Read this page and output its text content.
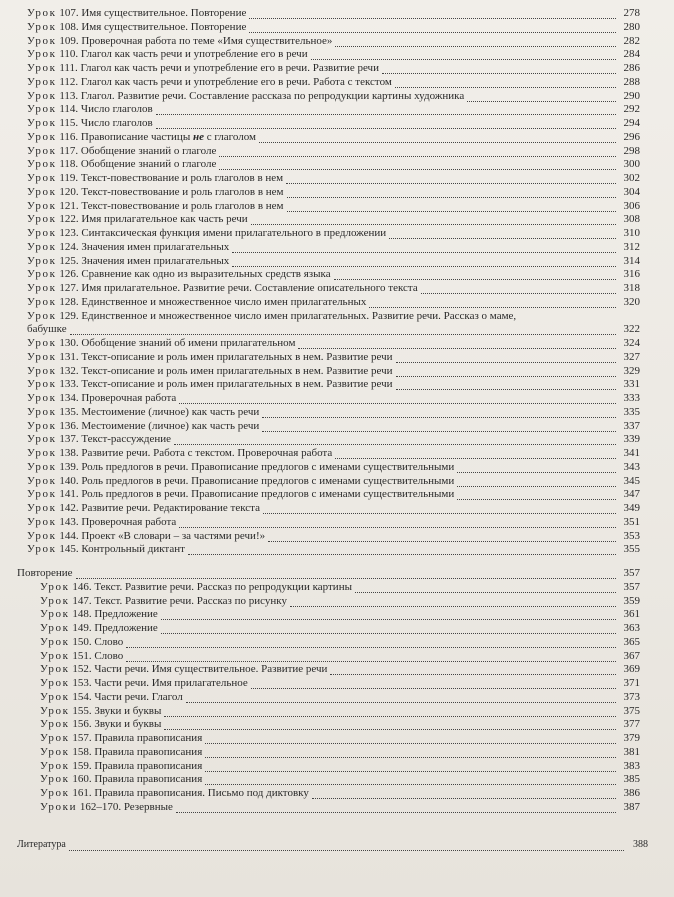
Урок 107. Имя существительное. Повторение	278
Урок 108. Имя существительное. Повторение	280
Урок 109. Проверочная работа по теме «Имя существительное»	282
Урок 110. Глагол как часть речи и употребление его в речи	284
Урок 111. Глагол как часть речи и употребление его в речи. Развитие речи	286
Урок 112. Глагол как часть речи и употребление его в речи. Работа с текстом	288
Урок 113. Глагол. Развитие речи. Составление рассказа по репродукции картины художника	290
Урок 114. Число глаголов	292
Урок 115. Число глаголов	294
Урок 116. Правописание частицы не с глаголом	296
Урок 117. Обобщение знаний о глаголе	298
Урок 118. Обобщение знаний о глаголе	300
Урок 119. Текст-повествование и роль глаголов в нем	302
Урок 120. Текст-повествование и роль глаголов в нем	304
Урок 121. Текст-повествование и роль глаголов в нем	306
Урок 122. Имя прилагательное как часть речи	308
Урок 123. Синтаксическая функция имени прилагательного в предложении	310
Урок 124. Значения имен прилагательных	312
Урок 125. Значения имен прилагательных	314
Урок 126. Сравнение как одно из выразительных средств языка	316
Урок 127. Имя прилагательное. Развитие речи. Составление описательного текста	318
Урок 128. Единственное и множественное число имен прилагательных	320
Урок 129. Единственное и множественное число имен прилагательных. Развитие речи. Рассказ о маме,
бабушке	322
Урок 130. Обобщение знаний об имени прилагательном	324
Урок 131. Текст-описание и роль имен прилагательных в нем. Развитие речи	327
Урок 132. Текст-описание и роль имен прилагательных в нем. Развитие речи	329
Урок 133. Текст-описание и роль имен прилагательных в нем. Развитие речи	331
Урок 134. Проверочная работа	333
Урок 135. Местоимение (личное) как часть речи	335
Урок 136. Местоимение (личное) как часть речи	337
Урок 137. Текст-рассуждение	339
Урок 138. Развитие речи. Работа с текстом. Проверочная работа	341
Урок 139. Роль предлогов в речи. Правописание предлогов с именами существительными	343
Урок 140. Роль предлогов в речи. Правописание предлогов с именами существительными	345
Урок 141. Роль предлогов в речи. Правописание предлогов с именами существительными	347
Урок 142. Развитие речи. Редактирование текста	349
Урок 143. Проверочная работа	351
Урок 144. Проект «В словари – за частями речи!»	353
Урок 145. Контрольный диктант	355
Повторение	357
Урок 146. Текст. Развитие речи. Рассказ по репродукции картины	357
Урок 147. Текст. Развитие речи. Рассказ по рисунку	359
Урок 148. Предложение	361
Урок 149. Предложение	363
Урок 150. Слово	365
Урок 151. Слово	367
Урок 152. Части речи. Имя существительное. Развитие речи	369
Урок 153. Части речи. Имя прилагательное	371
Урок 154. Части речи. Глагол	373
Урок 155. Звуки и буквы	375
Урок 156. Звуки и буквы	377
Урок 157. Правила правописания	379
Урок 158. Правила правописания	381
Урок 159. Правила правописания	383
Урок 160. Правила правописания	385
Урок 161. Правила правописания. Письмо под диктовку	386
Уроки 162–170. Резервные	387
Литература	388
